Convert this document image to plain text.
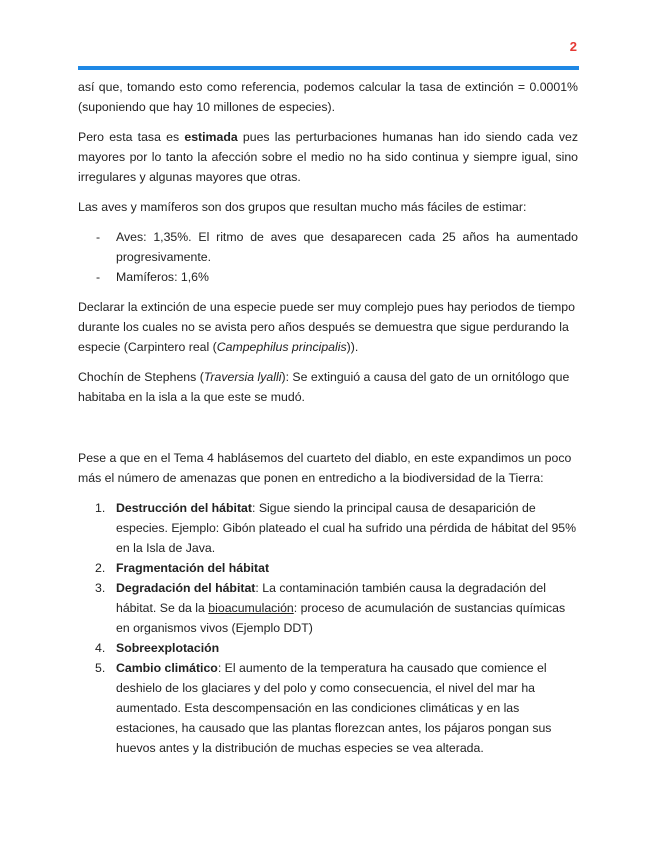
2

así que, tomando esto como referencia, podemos calcular la tasa de extinción = 0.0001% (suponiendo que hay 10 millones de especies).

Pero esta tasa es estimada pues las perturbaciones humanas han ido siendo cada vez mayores por lo tanto la afección sobre el medio no ha sido continua y siempre igual, sino irregulares y algunas mayores que otras.

Las aves y mamíferos son dos grupos que resultan mucho más fáciles de estimar:

- Aves: 1,35%. El ritmo de aves que desaparecen cada 25 años ha aumentado progresivamente.
- Mamíferos: 1,6%

Declarar la extinción de una especie puede ser muy complejo pues hay periodos de tiempo durante los cuales no se avista pero años después se demuestra que sigue perdurando la especie (Carpintero real (Campephilus principalis)).

Chochín de Stephens (Traversia lyalli): Se extinguió a causa del gato de un ornitólogo que habitaba en la isla a la que este se mudó.

Pese a que en el Tema 4 hablásemos del cuarteto del diablo, en este expandimos un poco más el número de amenazas que ponen en entredicho a la biodiversidad de la Tierra:

1. Destrucción del hábitat: Sigue siendo la principal causa de desaparición de especies. Ejemplo: Gibón plateado el cual ha sufrido una pérdida de hábitat del 95% en la Isla de Java.
2. Fragmentación del hábitat
3. Degradación del hábitat: La contaminación también causa la degradación del hábitat. Se da la bioacumulación: proceso de acumulación de sustancias químicas en organismos vivos (Ejemplo DDT)
4. Sobreexplotación
5. Cambio climático: El aumento de la temperatura ha causado que comience el deshielo de los glaciares y del polo y como consecuencia, el nivel del mar ha aumentado. Esta descompensación en las condiciones climáticas y en las estaciones, ha causado que las plantas florezcan antes, los pájaros pongan sus huevos antes y la distribución de muchas especies se vea alterada.
